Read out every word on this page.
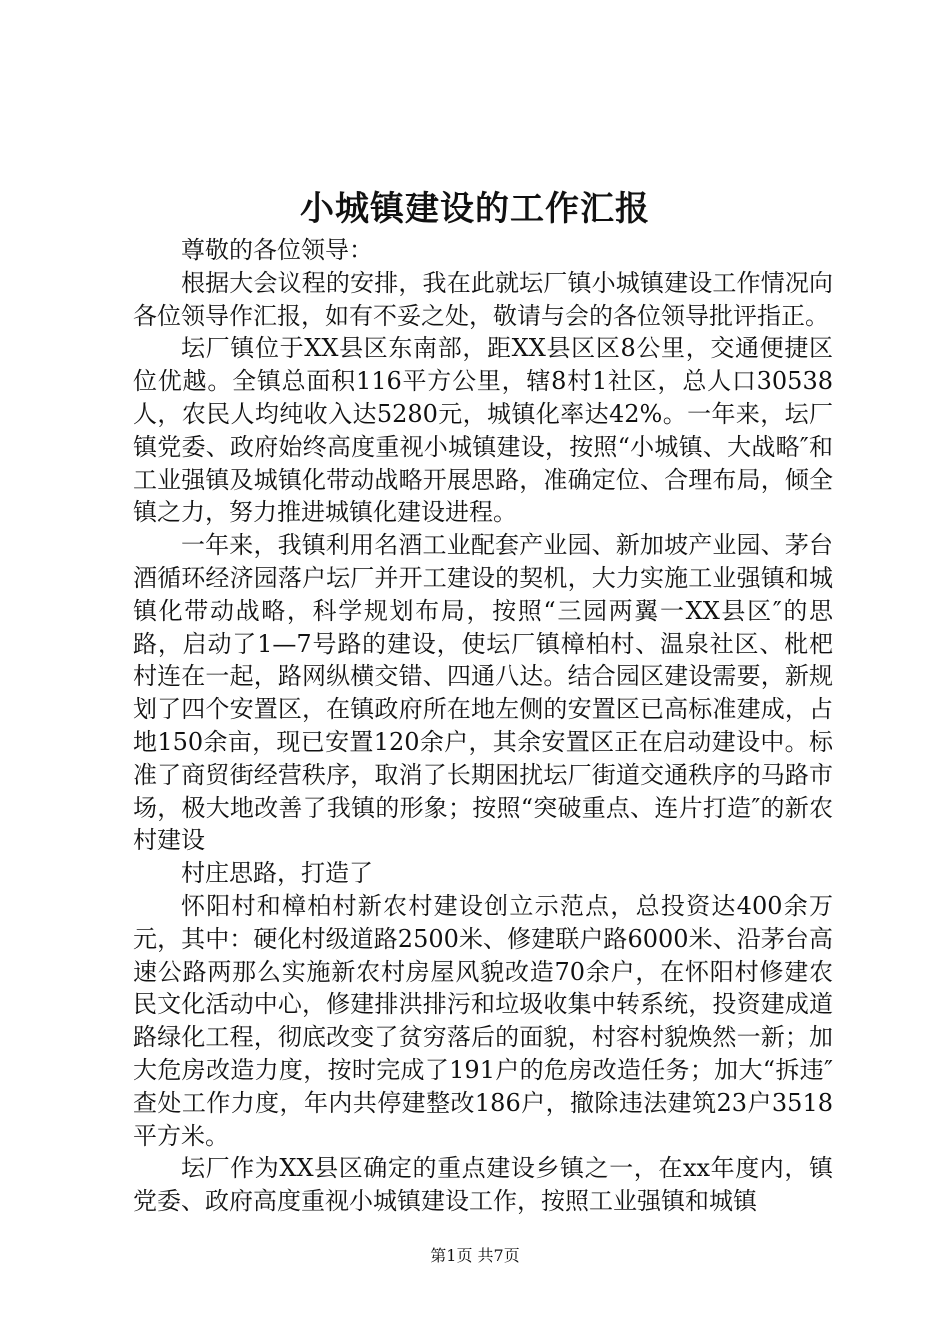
小城镇建设的工作汇报

尊敬的各位领导：

根据大会议程的安排，我在此就坛厂镇小城镇建设工作情况向各位领导作汇报，如有不妥之处，敬请与会的各位领导批评指正。

坛厂镇位于XX县区东南部，距XX县区区8公里，交通便捷区位优越。全镇总面积116平方公里，辖8村1社区，总人口30538人，农民人均纯收入达5280元，城镇化率达42%。一年来，坛厂镇党委、政府始终高度重视小城镇建设，按照“小城镇、大战略″和工业强镇及城镇化带动战略开展思路，准确定位、合理布局，倾全镇之力，努力推进城镇化建设进程。

一年来，我镇利用名酒工业配套产业园、新加坡产业园、茅台酒循环经济园落户坛厂并开工建设的契机，大力实施工业强镇和城镇化带动战略，科学规划布局，按照“三园两翼一XX县区″的思路，启动了1—7号路的建设，使坛厂镇樟柏村、温泉社区、枇杷村连在一起，路网纵横交错、四通八达。结合园区建设需要，新规划了四个安置区，在镇政府所在地左侧的安置区已高标准建成，占地150余亩，现已安置120余户，其余安置区正在启动建设中。标准了商贸街经营秩序，取消了长期困扰坛厂街道交通秩序的马路市场，极大地改善了我镇的形象；按照“突破重点、连片打造″的新农村建设

村庄思路，打造了

怀阳村和樟柏村新农村建设创立示范点，总投资达400余万元，其中：硬化村级道路2500米、修建联户路6000米、沿茅台高速公路两那么实施新农村房屋风貌改造70余户，在怀阳村修建农民文化活动中心，修建排洪排污和垃圾收集中转系统，投资建成道路绿化工程，彻底改变了贫穷落后的面貌，村容村貌焕然一新；加大危房改造力度，按时完成了191户的危房改造任务；加大“拆违″查处工作力度，年内共停建整改186户，撤除违法建筑23户3518平方米。

坛厂作为XX县区确定的重点建设乡镇之一，在xx年度内，镇党委、政府高度重视小城镇建设工作，按照工业强镇和城镇

第1页 共7页
